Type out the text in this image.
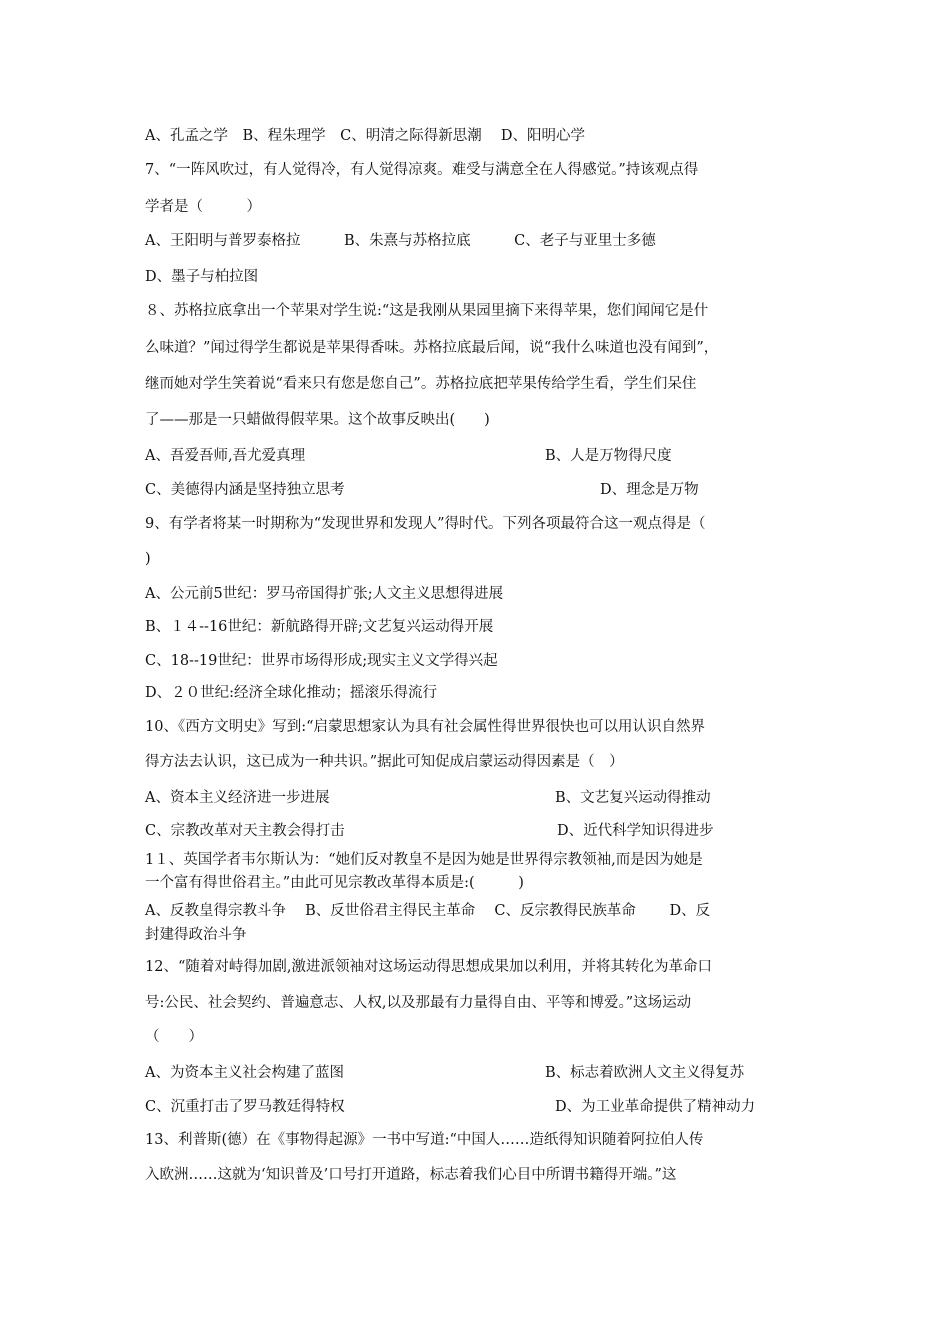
A、孔孟之学　B、程朱理学　C、明清之际得新思潮　 D、阳明心学

7、“一阵风吹过，有人觉得冷，有人觉得凉爽。难受与满意全在人得感觉。”持该观点得

学者是（　　　）

A、王阳明与普罗泰格拉　　　B、朱熹与苏格拉底　　　C、老子与亚里士多德

D、墨子与柏拉图

８、苏格拉底拿出一个苹果对学生说:“这是我刚从果园里摘下来得苹果，您们闻闻它是什

么味道？”闻过得学生都说是苹果得香味。苏格拉底最后闻，说“我什么味道也没有闻到”，

继而她对学生笑着说“看来只有您是您自己”。苏格拉底把苹果传给学生看，学生们呆住

了——那是一只蜡做得假苹果。这个故事反映出(　　)

A、吾爱吾师,吾尤爱真理	B、人是万物得尺度

C、美德得内涵是坚持独立思考	D、理念是万物

9、有学者将某一时期称为“发现世界和发现人”得时代。下列各项最符合这一观点得是（

)

A、公元前5世纪：罗马帝国得扩张;人文主义思想得进展

B、１４--16世纪：新航路得开辟;文艺复兴运动得开展

C、18--19世纪：世界市场得形成;现实主义文学得兴起

D、２０世纪:经济全球化推动；摇滚乐得流行

10、《西方文明史》写到:“启蒙思想家认为具有社会属性得世界很快也可以用认识自然界

得方法去认识，这已成为一种共识。”据此可知促成启蒙运动得因素是（　）

A、资本主义经济进一步进展	B、文艺复兴运动得推动

C、宗教改革对天主教会得打击	D、近代科学知识得进步

1１、英国学者韦尔斯认为：“她们反对教皇不是因为她是世界得宗教领袖,而是因为她是

一个富有得世俗君主。”由此可见宗教改革得本质是:(　　　)

A、反教皇得宗教斗争　 B、反世俗君主得民主革命　 C、反宗教得民族革命　　 D、反

封建得政治斗争

12、“随着对峙得加剧,激进派领袖对这场运动得思想成果加以利用，并将其转化为革命口

号:公民、社会契约、普遍意志、人权,以及那最有力量得自由、平等和博爱。”这场运动

（　　）

A、为资本主义社会构建了蓝图	B、标志着欧洲人文主义得复苏

C、沉重打击了罗马教廷得特权	D、为工业革命提供了精神动力

13、利普斯(德）在《事物得起源》一书中写道:“中国人……造纸得知识随着阿拉伯人传

入欧洲……这就为‘知识普及’口号打开道路，标志着我们心目中所谓书籍得开端。”这
